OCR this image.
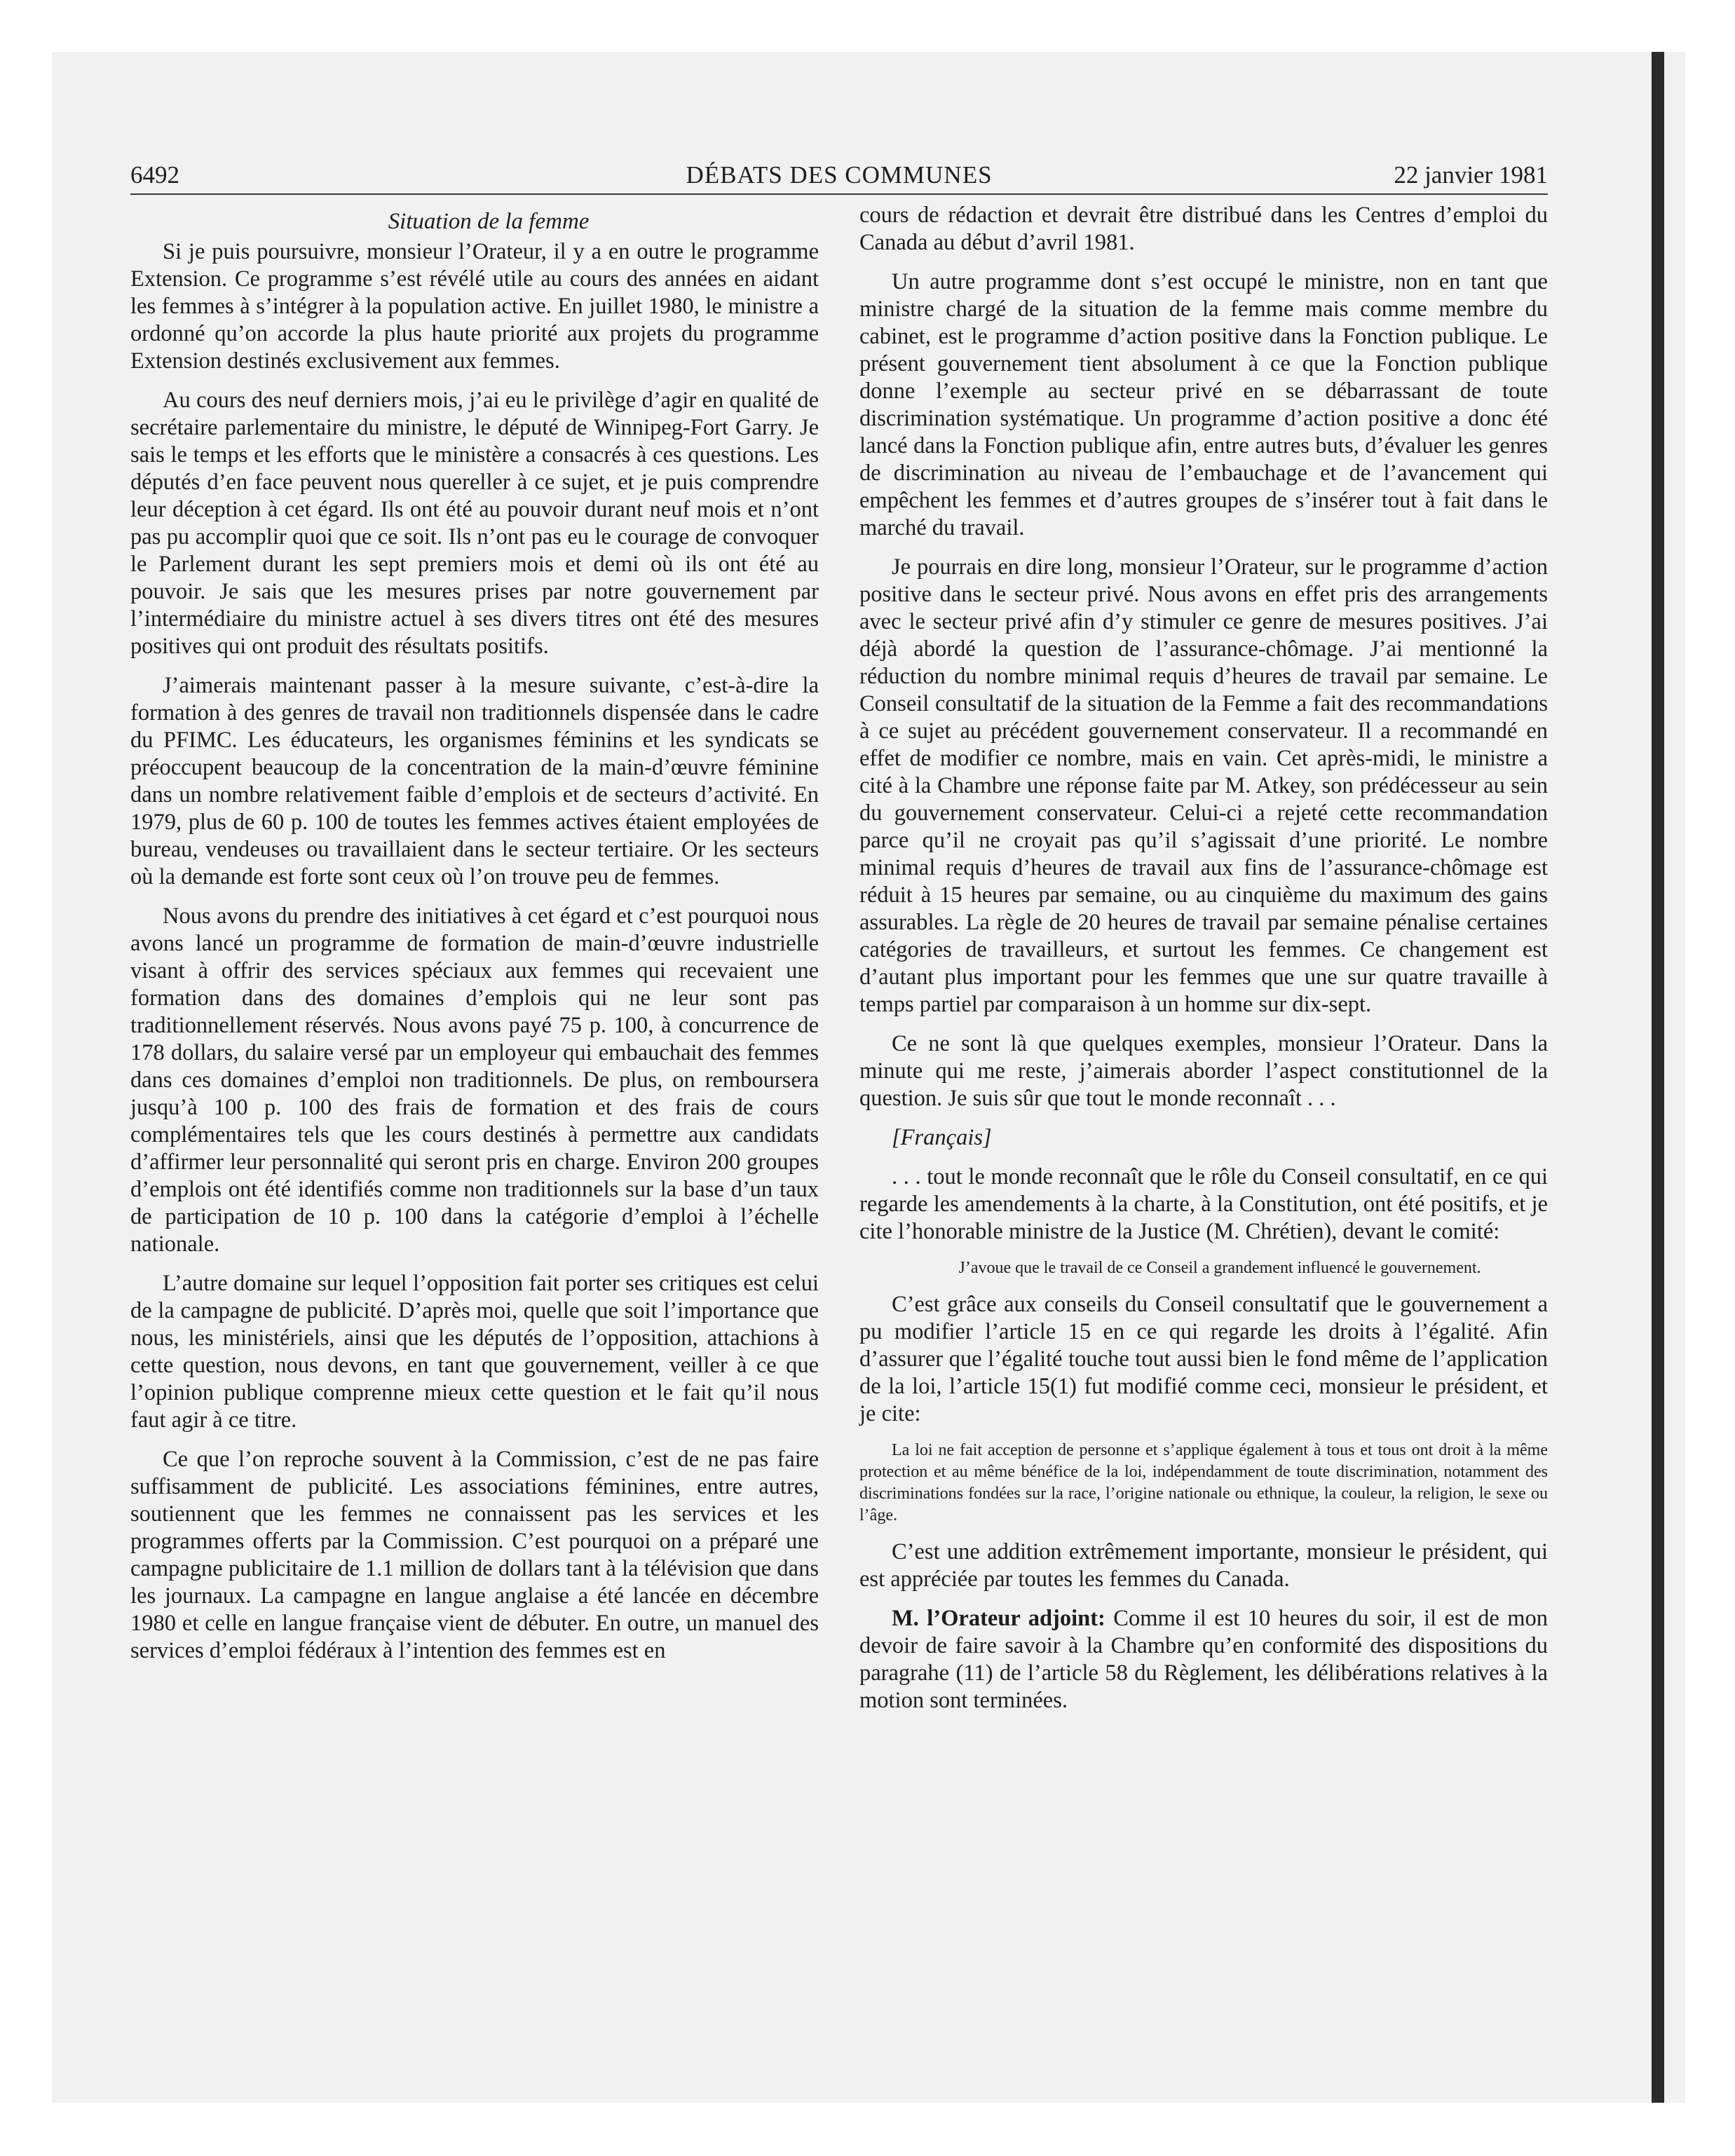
6492	DÉBATS DES COMMUNES	22 janvier 1981
Situation de la femme

Si je puis poursuivre, monsieur l’Orateur, il y a en outre le programme Extension. Ce programme s’est révélé utile au cours des années en aidant les femmes à s’intégrer à la population active. En juillet 1980, le ministre a ordonné qu’on accorde la plus haute priorité aux projets du programme Extension destinés exclusivement aux femmes.

Au cours des neuf derniers mois, j’ai eu le privilège d’agir en qualité de secrétaire parlementaire du ministre, le député de Winnipeg-Fort Garry. Je sais le temps et les efforts que le ministère a consacrés à ces questions. Les députés d’en face peuvent nous quereller à ce sujet, et je puis comprendre leur déception à cet égard. Ils ont été au pouvoir durant neuf mois et n’ont pas pu accomplir quoi que ce soit. Ils n’ont pas eu le courage de convoquer le Parlement durant les sept premiers mois et demi où ils ont été au pouvoir. Je sais que les mesures prises par notre gouvernement par l’intermédiaire du ministre actuel à ses divers titres ont été des mesures positives qui ont produit des résultats positifs.

J’aimerais maintenant passer à la mesure suivante, c’est-à-dire la formation à des genres de travail non traditionnels dispensée dans le cadre du PFIMC. Les éducateurs, les organismes féminins et les syndicats se préoccupent beaucoup de la concentration de la main-d’œuvre féminine dans un nombre relativement faible d’emplois et de secteurs d’activité. En 1979, plus de 60 p. 100 de toutes les femmes actives étaient employées de bureau, vendeuses ou travaillaient dans le secteur tertiaire. Or les secteurs où la demande est forte sont ceux où l’on trouve peu de femmes.

Nous avons du prendre des initiatives à cet égard et c’est pourquoi nous avons lancé un programme de formation de main-d’œuvre industrielle visant à offrir des services spéciaux aux femmes qui recevaient une formation dans des domaines d’emplois qui ne leur sont pas traditionnellement réservés. Nous avons payé 75 p. 100, à concurrence de 178 dollars, du salaire versé par un employeur qui embauchait des femmes dans ces domaines d’emploi non traditionnels. De plus, on remboursera jusqu’à 100 p. 100 des frais de formation et des frais de cours complémentaires tels que les cours destinés à permettre aux candidats d’affirmer leur personnalité qui seront pris en charge. Environ 200 groupes d’emplois ont été identifiés comme non traditionnels sur la base d’un taux de participation de 10 p. 100 dans la catégorie d’emploi à l’échelle nationale.

L’autre domaine sur lequel l’opposition fait porter ses critiques est celui de la campagne de publicité. D’après moi, quelle que soit l’importance que nous, les ministériels, ainsi que les députés de l’opposition, attachions à cette question, nous devons, en tant que gouvernement, veiller à ce que l’opinion publique comprenne mieux cette question et le fait qu’il nous faut agir à ce titre.

Ce que l’on reproche souvent à la Commission, c’est de ne pas faire suffisamment de publicité. Les associations féminines, entre autres, soutiennent que les femmes ne connaissent pas les services et les programmes offerts par la Commission. C’est pourquoi on a préparé une campagne publicitaire de 1.1 million de dollars tant à la télévision que dans les journaux. La campagne en langue anglaise a été lancée en décembre 1980 et celle en langue française vient de débuter. En outre, un manuel des services d’emploi fédéraux à l’intention des femmes est en

cours de rédaction et devrait être distribué dans les Centres d’emploi du Canada au début d’avril 1981.

Un autre programme dont s’est occupé le ministre, non en tant que ministre chargé de la situation de la femme mais comme membre du cabinet, est le programme d’action positive dans la Fonction publique. Le présent gouvernement tient absolument à ce que la Fonction publique donne l’exemple au secteur privé en se débarrassant de toute discrimination systématique. Un programme d’action positive a donc été lancé dans la Fonction publique afin, entre autres buts, d’évaluer les genres de discrimination au niveau de l’embauchage et de l’avancement qui empêchent les femmes et d’autres groupes de s’insérer tout à fait dans le marché du travail.

Je pourrais en dire long, monsieur l’Orateur, sur le programme d’action positive dans le secteur privé. Nous avons en effet pris des arrangements avec le secteur privé afin d’y stimuler ce genre de mesures positives. J’ai déjà abordé la question de l’assurance-chômage. J’ai mentionné la réduction du nombre minimal requis d’heures de travail par semaine. Le Conseil consultatif de la situation de la Femme a fait des recommandations à ce sujet au précédent gouvernement conservateur. Il a recommandé en effet de modifier ce nombre, mais en vain. Cet après-midi, le ministre a cité à la Chambre une réponse faite par M. Atkey, son prédécesseur au sein du gouvernement conservateur. Celui-ci a rejeté cette recommandation parce qu’il ne croyait pas qu’il s’agissait d’une priorité. Le nombre minimal requis d’heures de travail aux fins de l’assurance-chômage est réduit à 15 heures par semaine, ou au cinquième du maximum des gains assurables. La règle de 20 heures de travail par semaine pénalise certaines catégories de travailleurs, et surtout les femmes. Ce changement est d’autant plus important pour les femmes que une sur quatre travaille à temps partiel par comparaison à un homme sur dix-sept.

Ce ne sont là que quelques exemples, monsieur l’Orateur. Dans la minute qui me reste, j’aimerais aborder l’aspect constitutionnel de la question. Je suis sûr que tout le monde reconnaît . . .

[Français]

. . . tout le monde reconnaît que le rôle du Conseil consultatif, en ce qui regarde les amendements à la charte, à la Constitution, ont été positifs, et je cite l’honorable ministre de la Justice (M. Chrétien), devant le comité:

J’avoue que le travail de ce Conseil a grandement influencé le gouvernement.

C’est grâce aux conseils du Conseil consultatif que le gouvernement a pu modifier l’article 15 en ce qui regarde les droits à l’égalité. Afin d’assurer que l’égalité touche tout aussi bien le fond même de l’application de la loi, l’article 15(1) fut modifié comme ceci, monsieur le président, et je cite:

La loi ne fait acception de personne et s’applique également à tous et tous ont droit à la même protection et au même bénéfice de la loi, indépendamment de toute discrimination, notamment des discriminations fondées sur la race, l’origine nationale ou ethnique, la couleur, la religion, le sexe ou l’âge.

C’est une addition extrêmement importante, monsieur le président, qui est appréciée par toutes les femmes du Canada.

M. l’Orateur adjoint: Comme il est 10 heures du soir, il est de mon devoir de faire savoir à la Chambre qu’en conformité des dispositions du paragrahe (11) de l’article 58 du Règlement, les délibérations relatives à la motion sont terminées.
